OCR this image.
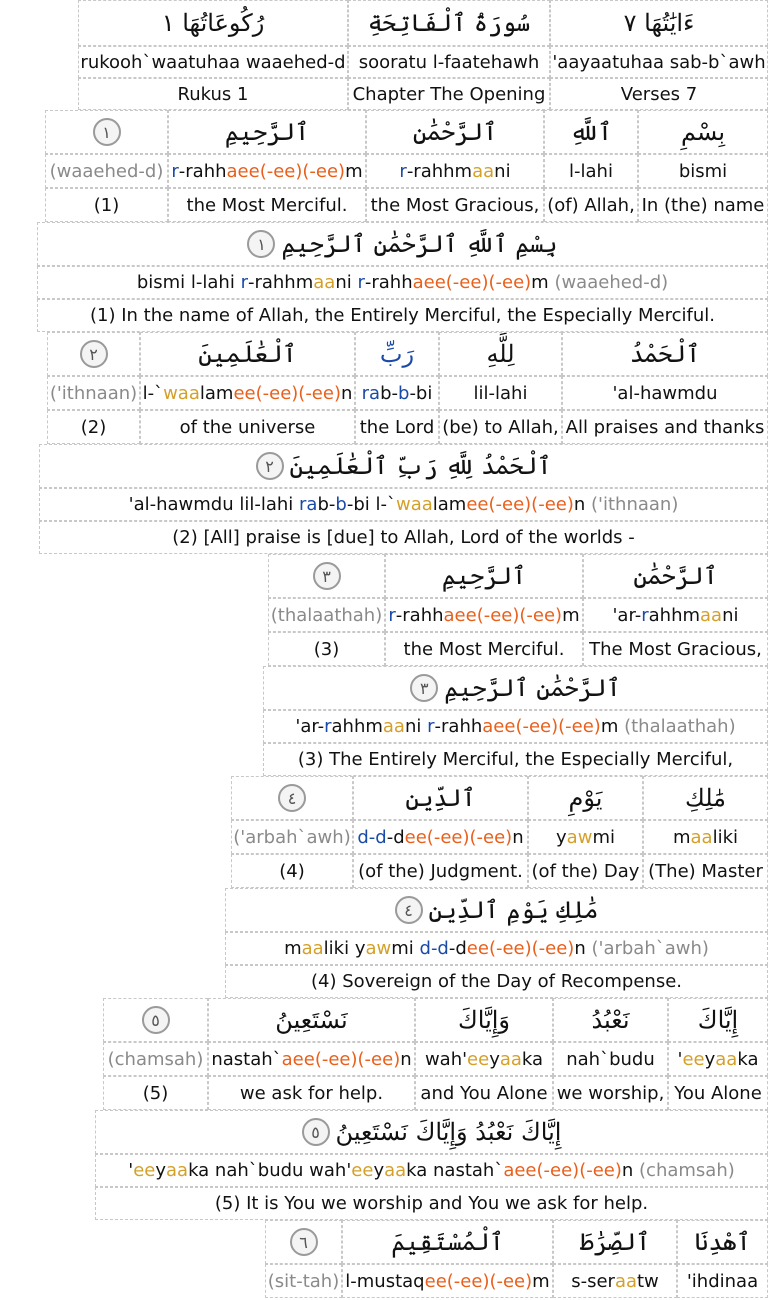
رُكُوعَاتُهَا ١
rukooh`waatuhaa waaehed-d
Rukus 1
سُورَةُ ٱلْفَاتِحَةِ
sooratu l-faatehawh
Chapter The Opening
ءَايَٰتُهَا ٧
'aayaatuhaa sab-b`awh
Verses 7
١
(waaehed-d)
(1)
ٱلرَّحِيمِ
r -rahh aee(-ee)(-ee) m
the Most Merciful.
ٱلرَّحْمَٰنِ
r -rahhm aa ni
the Most Gracious,
ٱللَّهِ
l-lahi
(of) Allah,
بِسْمِ
bismi
In (the) name
بِسْمِ ٱللَّهِ ٱلرَّحْمَٰنِ ٱلرَّحِيمِ
١
bismi l-lahi r -rahhm aa ni r -rahh aee(-ee)(-ee) m (waaehed-d)
(1) In the name of Allah, the Entirely Merciful, the Especially Merciful.
٢
('ithnaan)
(2)
ٱلْعَٰلَمِينَ
l-` waa lam ee(-ee)(-ee) n
of the universe
رَبِّ
ra b- b -bi
the Lord
لِلَّهِ
lil-lahi
(be) to Allah,
ٱلْحَمْدُ
'al-hawmdu
All praises and thanks
ٱلْحَمْدُ لِلَّهِ رَبِّ ٱلْعَٰلَمِينَ
٢
'al-hawmdu lil-lahi ra b- b -bi l-` waa lam ee(-ee)(-ee) n ('ithnaan)
(2) [All] praise is [due] to Allah, Lord of the worlds -
٣
(thalaathah)
(3)
ٱلرَّحِيمِ
r -rahh aee(-ee)(-ee) m
the Most Merciful.
ٱلرَّحْمَٰنِ
'ar- r ahhm aa ni
The Most Gracious,
ٱلرَّحْمَٰنِ ٱلرَّحِيمِ
٣
'ar- r ahhm aa ni r -rahh aee(-ee)(-ee) m (thalaathah)
(3) The Entirely Merciful, the Especially Merciful,
٤
('arbah`awh)
(4)
ٱلدِّينِ
d-d -d ee(-ee)(-ee) n
(of the) Judgment.
يَوْمِ
y aw mi
(of the) Day
مَٰلِكِ
m aa liki
(The) Master
مَٰلِكِ يَوْمِ ٱلدِّينِ
٤
m aa liki y aw mi d-d -d ee(-ee)(-ee) n ('arbah`awh)
(4) Sovereign of the Day of Recompense.
٥
(chamsah)
(5)
نَسْتَعِينُ
nastah` aee(-ee)(-ee) n
we ask for help.
وَإِيَّاكَ
wah' ee y aa ka
and You Alone
نَعْبُدُ
nah`budu
we worship,
إِيَّاكَ
' ee y aa ka
You Alone
إِيَّاكَ نَعْبُدُ وَإِيَّاكَ نَسْتَعِينُ
٥
' ee y aa ka nah`budu wah' ee y aa ka nastah` aee(-ee)(-ee) n (chamsah)
(5) It is You we worship and You we ask for help.
٦
(sit-tah)
ٱلْمُسْتَقِيمَ
l-mustaq ee(-ee)(-ee) m
ٱلصِّرَٰطَ
s-ser aa tw
ٱهْدِنَا
'ihdinaa
